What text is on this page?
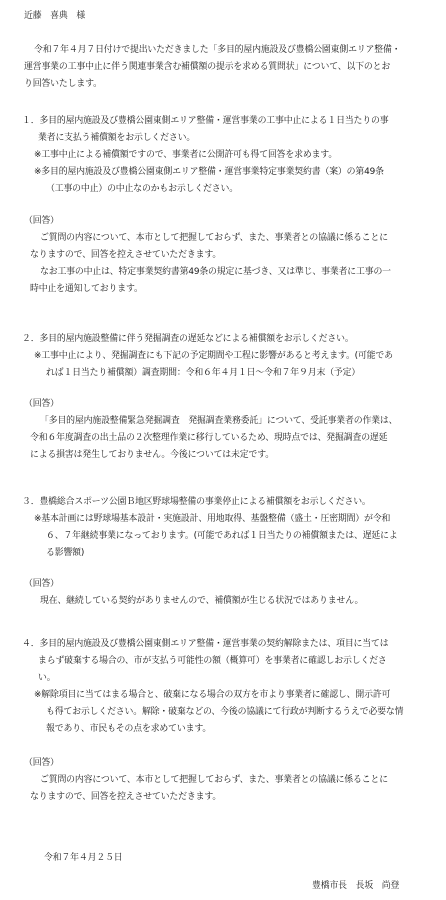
近藤　喜典　様
令和７年４月７日付けで提出いただきました「多目的屋内施設及び豊橋公園東側エリア整備・
運営事業の工事中止に伴う関連事業含む補償額の提示を求める質問状」について、以下のとお
り回答いたします。
１．多目的屋内施設及び豊橋公園東側エリア整備・運営事業の工事中止による１日当たりの事
業者に支払う補償額をお示しください。
※工事中止による補償額ですので、事業者に公開許可も得て回答を求めます。
※多目的屋内施設及び豊橋公園東側エリア整備・運営事業特定事業契約書（案）の第49条
（工事の中止）の中止なのかもお示しください。
（回答）
ご質問の内容について、本市として把握しておらず、また、事業者との協議に係ることに
なりますので、回答を控えさせていただきます。
なお工事の中止は、特定事業契約書第49条の規定に基づき、又は準じ、事業者に工事の一
時中止を通知しております。
２．多目的屋内施設整備に伴う発掘調査の遅延などによる補償額をお示しください。
※工事中止により、発掘調査にも下記の予定期間や工程に影響があると考えます。(可能であ
れば１日当たり補償額）調査期間：令和６年４月１日～令和７年９月末（予定）
（回答）
「多目的屋内施設整備緊急発掘調査　発掘調査業務委託」について、受託事業者の作業は、
令和６年度調査の出土品の２次整理作業に移行しているため、現時点では、発掘調査の遅延
による損害は発生しておりません。今後については未定です。
３．豊橋総合スポーツ公園Ｂ地区野球場整備の事業停止による補償額をお示しください。
※基本計画には野球場基本設計・実施設計、用地取得、基盤整備（盛土・圧密期間）が令和
６、７年継続事業になっております。(可能であれば１日当たりの補償額または、遅延によ
る影響額)
（回答）
現在、継続している契約がありませんので、補償額が生じる状況ではありません。
４．多目的屋内施設及び豊橋公園東側エリア整備・運営事業の契約解除または、項目に当ては
まらず破棄する場合の、市が支払う可能性の額（概算可）を事業者に確認しお示しくださ
い。
※解除項目に当てはまる場合と、破棄になる場合の双方を市より事業者に確認し、開示許可
も得てお示しください。解除・破棄などの、今後の協議にて行政が判断するうえで必要な情
報であり、市民もその点を求めています。
（回答）
ご質問の内容について、本市として把握しておらず、また、事業者との協議に係ることに
なりますので、回答を控えさせていただきます。
令和７年４月２５日
豊橋市長　長坂　尚登
